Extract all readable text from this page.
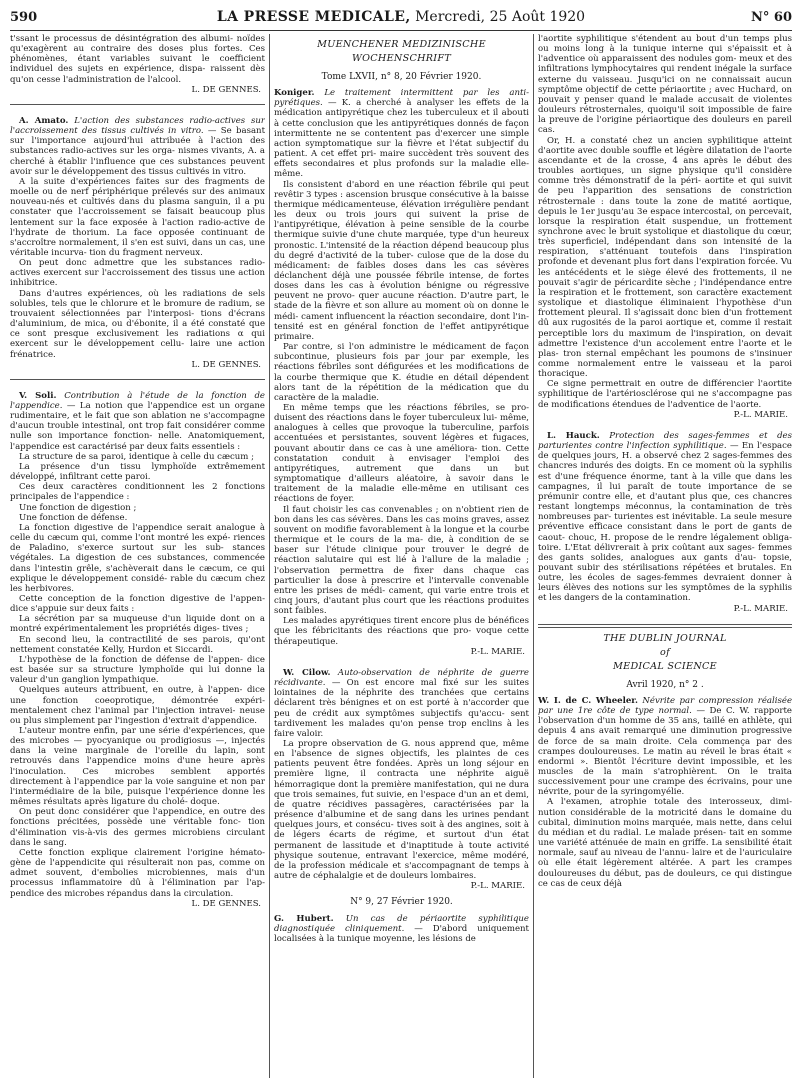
590	LA PRESSE MEDICALE, Mercredi, 25 Août 1920	N° 60

t'ssant le processus de désintégration des albumi- noïdes qu'exagèrent au contraire des doses plus fortes. Ces phénomènes, étant variables suivant le coefficient individuel des sujets en expérience, dispa- raissent dès qu'on cesse l'administration de l'alcool.

L. DE GENNES.

A. Amato. L'action des substances radio-actives sur l'accroissement des tissus cultivés in vitro. — Se basant sur l'importance aujourd'hui attribuée à l'action des substances radio-actives sur les orga- nismes vivants, A. a cherché à établir l'influence que ces substances peuvent avoir sur le développement des tissus cultivés in vitro.

A la suite d'expériences faites sur des fragments de moelle ou de nerf périphérique prélevés sur des animaux nouveau-nés et cultivés dans du plasma sanguin, il a pu constater que l'accroissement se faisait beaucoup plus lentement sur la face exposée à l'action radio-active de l'hydrate de thorium. La face opposée continuant de s'accroître normalement, il s'en est suivi, dans un cas, une véritable incurva- tion du fragment nerveux.

On peut donc admettre que les substances radio- actives exercent sur l'accroissement des tissus une action inhibitrice.

Dans d'autres expériences, où les radiations de sels solubles, tels que le chlorure et le bromure de radium, se trouvaient sélectionnées par l'interposi- tions d'écrans d'aluminium, de mica, ou d'ébonite, il a été constaté que ce sont presque exclusivement les radiations α qui exercent sur le développement cellu- laire une action frénatrice.

L. DE GENNES.

V. Soli. Contribution à l'étude de la fonction de l'appendice. — La notion que l'appendice est un organe rudimentaire, et le fait que son ablation ne s'accompagne d'aucun trouble intestinal, ont trop fait considérer comme nulle son importance fonction- nelle. Anatomiquement, l'appendice est caractérisé par deux faits essentiels :

La structure de sa paroi, identique à celle du cæcum ;

La présence d'un tissu lymphoïde extrêmement développé, infiltrant cette paroi.

Ces deux caractères conditionnent les 2 fonctions principales de l'appendice :

Une fonction de digestion ;

Une fonction de défense.

La fonction digestive de l'appendice serait analogue à celle du cæcum qui, comme l'ont montré les expé- riences de Paladino, s'exerce surtout sur les sub- stances végétales. La digestion de ces substances, commencée dans l'intestin grêle, s'achèverait dans le cæcum, ce qui explique le développement considé- rable du cæcum chez les herbivores.

Cette conception de la fonction digestive de l'appen- dice s'appuie sur deux faits :

La sécrétion par sa muqueuse d'un liquide dont on a montré expérimentalement les propriétés diges- tives ;

En second lieu, la contractilité de ses parois, qu'ont nettement constatée Kelly, Hurdon et Siccardi.

L'hypothèse de la fonction de défense de l'appen- dice est basée sur sa structure lymphoïde qui lui donne la valeur d'un ganglion lympathique.

Quelques auteurs attribuent, en outre, à l'appen- dice une fonction coeoprotique, démontrée expéri- mentalement chez l'animal par l'injection intravei- neuse ou plus simplement par l'ingestion d'extrait d'appendice.

L'auteur montre enfin, par une série d'expériences, que des microbes — pyocyanique ou prodigiosus —, injectés dans la veine marginale de l'oreille du lapin, sont retrouvés dans l'appendice moins d'une heure après l'inoculation. Ces microbes semblent apportés directement à l'appendice par la voie sanguine et non par l'intermédiaire de la bile, puisque l'expérience donne les mêmes résultats après ligature du cholé- doque.

On peut donc considérer que l'appendice, en outre des fonctions précitées, possède une véritable fonc- tion d'élimination vis-à-vis des germes microbiens circulant dans le sang.

Cette fonction explique clairement l'origine hémato- gène de l'appendicite qui résulterait non pas, comme on admet souvent, d'embolies microbiennes, mais d'un processus inflammatoire dû à l'élimination par l'ap- pendice des microbes répandus dans la circulation.

L. DE GENNES.

MUENCHENER MEDIZINISCHE
WOCHENSCHRIFT
Tome LXVII, n° 8, 20 Février 1920.

Koniger. Le traitement intermittent par les anti- pyrétiques. — K. a cherché à analyser les effets de la médication antipyrétique chez les tuberculeux et il abouti à cette conclusion que les antipyrétiques donnés de façon intermittente ne se contentent pas d'exercer une simple action symptomatique sur la fièvre et l'état subjectif du patient. A cet effet pri- maire succèdent très souvent des effets secondaires et plus profonds sur la maladie elle-même.

Ils consistent d'abord en une réaction fébrile qui peut revêtir 3 types : ascension brusque consécutive à la baisse thermique médicamenteuse, élévation irrégulière pendant les deux ou trois jours qui suivent la prise de l'antipyrétique, élévation à peine sensible de la courbe thermique suivie d'une chute marquée, type d'un heureux pronostic. L'intensité de la réaction dépend beaucoup plus du degré d'activité de la tuber- culose que de la dose du médicament: de faibles doses dans les cas sévères déclanchent déjà une poussée fébrile intense, de fortes doses dans les cas à évolution bénigne ou régressive peuvent ne provo- quer aucune réaction. D'autre part, le stade de la fièvre et son allure au moment où on donne le médi- cament influencent la réaction secondaire, dont l'in- tensité est en général fonction de l'effet antipyrétique primaire.

Par contre, si l'on administre le médicament de façon subcontinue, plusieurs fois par jour par exemple, les réactions fébriles sont défigurées et les modifications de la courbe thermique que K. étudie en détail dépendent alors tant de la répétition de la médication que du caractère de la maladie.

En même temps que les réactions fébriles, se pro- duisent des réactions dans le foyer tuberculeux lui- même, analogues à celles que provoque la tuberculine, parfois accentuées et persistantes, souvent légères et fugaces, pouvant aboutir dans ce cas à une améliora- tion. Cette constatation conduit à envisager l'emploi des antipyrétiques, autrement que dans un but symptomatique d'ailleurs aléatoire, à savoir dans le traitement de la maladie elle-même en utilisant ces réactions de foyer.

Il faut choisir les cas convenables ; on n'obtient rien de bon dans les cas sévères. Dans les cas moins graves, assez souvent on modifie favorablement à la longue et la courbe thermique et le cours de la ma- die, à condition de se baser sur l'étude clinique pour trouver le degré de réaction salutaire qui est lié à l'allure de la maladie ; l'observation permettra de fixer dans chaque cas particulier la dose à prescrire et l'intervalle convenable entre les prises de médi- cament, qui varie entre trois et cinq jours, d'autant plus court que les réactions produites sont faibles.

Les malades apyrétiques tirent encore plus de bénéfices que les fébricitants des réactions que pro- voque cette thérapeutique.

P.-L. MARIE.

W. Cilow. Auto-observation de néphrite de guerre récidivante. — On est encore mal fixé sur les suites lointaines de la néphrite des tranchées que certains déclarent très bénignes et on est porté à n'accorder que peu de crédit aux symptômes subjectifs qu'accu- sent tardivement les malades qu'on pense trop enclins à les faire valoir.

La propre observation de G. nous apprend que, même en l'absence de signes objectifs, les plaintes de ces patients peuvent être fondées. Après un long séjour en première ligne, il contracta une néphrite aiguë hémorragique dont la première manifestation, qui ne dura que trois semaines, fut suivie, en l'espace d'un an et demi, de quatre récidives passagères, caractérisées par la présence d'albumine et de sang dans les urines pendant quelques jours, et consécu- tives soit à des angines, soit à de légers écarts de régime, et surtout d'un état permanent de lassitude et d'inaptitude à toute activité physique soutenue, entravant l'exercice, même modéré, de la profession médicale et s'accompagnant de temps à autre de céphalalgie et de douleurs lombaires.

P.-L. MARIE.

N° 9, 27 Février 1920.

G. Hubert. Un cas de périaortite syphilitique diagnostiquée cliniquement. — D'abord uniquement localisées à la tunique moyenne, les lésions de

l'aortite syphilitique s'étendent au bout d'un temps plus ou moins long à la tunique interne qui s'épaissit et à l'adventice où apparaissent des nodules gom- meux et des infiltrations lymphocytaires qui rendent inégale la surface externe du vaisseau. Jusqu'ici on ne connaissait aucun symptôme objectif de cette périaortite ; avec Huchard, on pouvait y penser quand le malade accusait de violentes douleurs rétrosternales, quoiqu'il soit impossible de faire la preuve de l'origine périaortique des douleurs en pareil cas.

Or, H. a constaté chez un ancien syphilitique atteint d'aortite avec double souffle et légère dilatation de l'aorte ascendante et de la crosse, 4 ans après le début des troubles aortiques, un signe physique qu'il considère comme très démonstratif de la péri- aortite et qui suivit de peu l'apparition des sensations de constriction rétrosternale : dans toute la zone de matité aortique, depuis le 1er jusqu'au 3e espace intercostal, on percevait, lorsque la respiration était suspendue, un frottement synchrone avec le bruit systolique et diastolique du cœur, très superficiel, indépendant dans son intensité de la respiration, s'atténuant toutefois dans l'inspiration profonde et devenant plus fort dans l'expiration forcée. Vu les antécédents et le siège élevé des frottements, il ne pouvait s'agir de péricardite sèche ; l'indépendance entre la respiration et le frottement, son caractère exactement systolique et diastolique éliminaient l'hypothèse d'un frottement pleural. Il s'agissait donc bien d'un frottement dû aux rugosités de la paroi aortique et, comme il restait perceptible lors du maximum de l'inspiration, on devait admettre l'existence d'un accolement entre l'aorte et le plas- tron sternal empêchant les poumons de s'insinuer comme normalement entre le vaisseau et la paroi thoracique.

Ce signe permettrait en outre de différencier l'aortite syphilitique de l'artériosclérose qui ne s'accompagne pas de modifications étendues de l'adventice de l'aorte.

P.-L. MARIE.

L. Hauck. Protection des sages-femmes et des parturientes contre l'infection syphilitique. — En l'espace de quelques jours, H. a observé chez 2 sages-femmes des chancres indurés des doigts. En ce moment où la syphilis est d'une fréquence énorme, tant à la ville que dans les campagnes, il lui paraît de toute importance de se prémunir contre elle, et d'autant plus que, ces chancres restant longtemps méconnus, la contamination de très nombreuses par- turientes est inévitable. La seule mesure préventive efficace consistant dans le port de gants de caout- chouc, H. propose de le rendre légalement obliga- toire. L'Etat délivrerait à prix coûtant aux sages- femmes des gants solides, analogues aux gants d'au- topsie, pouvant subir des stérilisations répétées et brutales. En outre, les écoles de sages-femmes devraient donner à leurs élèves des notions sur les symptômes de la syphilis et les dangers de la contamination.

P.-L. MARIE.

THE DUBLIN JOURNAL
of
MEDICAL SCIENCE
Avril 1920, n° 2 .

W. I. de C. Wheeler. Névrite par compression réalisée par une 1re côte de type normal. — De C. W. rapporte l'observation d'un homme de 35 ans, taillé en athlète, qui depuis 4 ans avait remarqué une diminution progressive de force de sa main droite. Cela commença par des crampes douloureuses. Le matin au réveil le bras était « endormi ». Bientôt l'écriture devint impossible, et les muscles de la main s'atrophièrent. On le traita successivement pour une crampe des écrivains, pour une névrite, pour de la syringomyélie.

A l'examen, atrophie totale des interosseux, dimi- nution considérable de la motricité dans le domaine du cubital, diminution moins marquée, mais nette, dans celui du médian et du radial. Le malade présen- tait en somme une variété atténuée de main en griffe. La sensibilité était normale, sauf au niveau de l'annu- laire et de l'auriculaire où elle était légèrement altérée. A part les crampes douloureuses du début, pas de douleurs, ce qui distingue ce cas de ceux déjà
